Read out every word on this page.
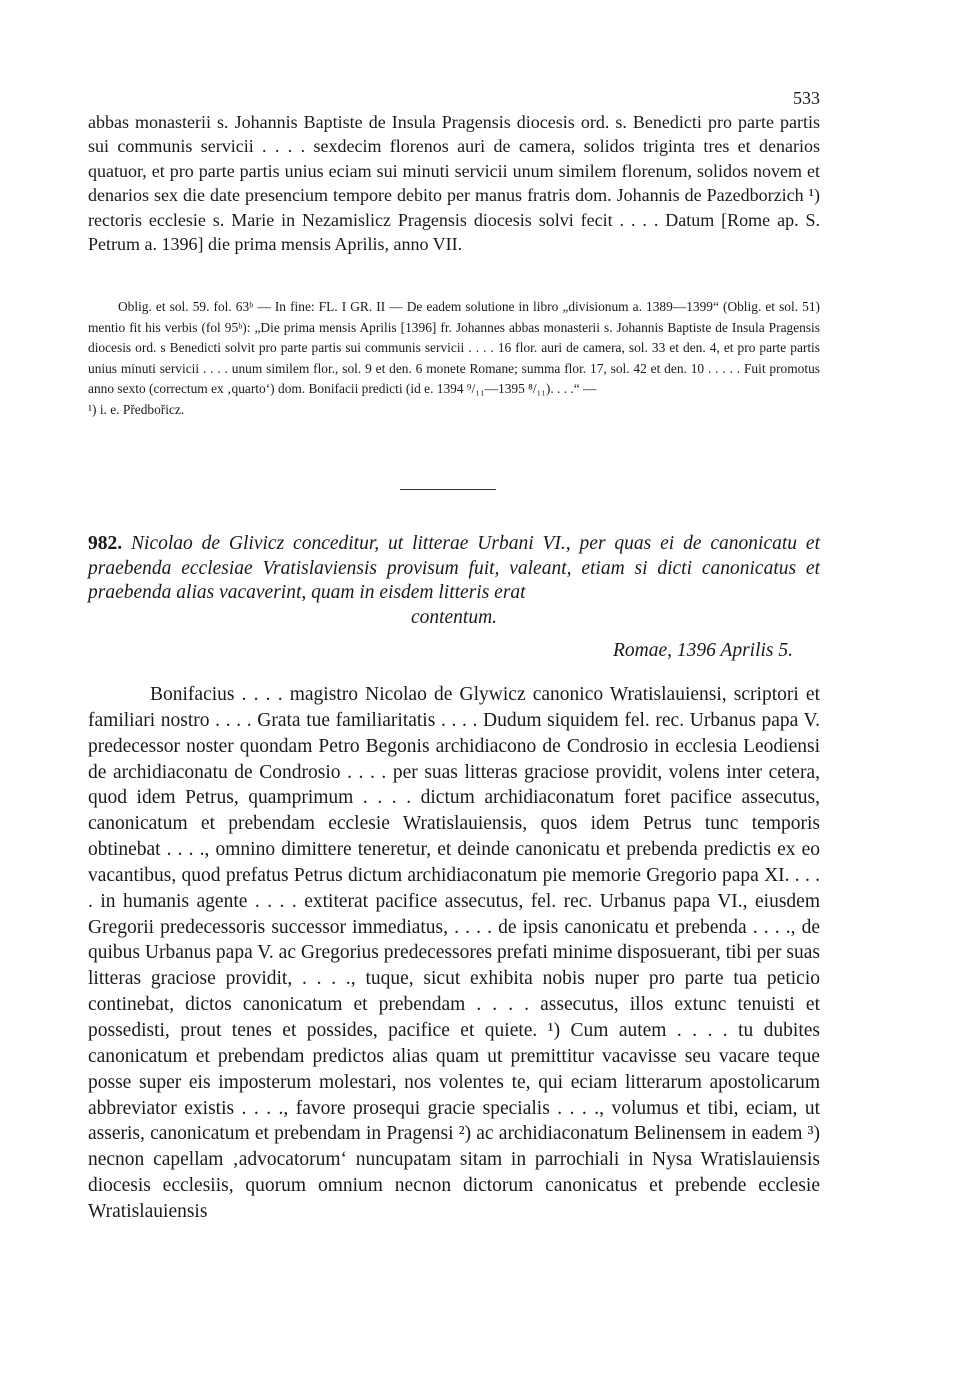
533

abbas monasterii s. Johannis Baptiste de Insula Pragensis diocesis ord. s. Benedicti pro parte partis sui communis servicii . . . . sexdecim florenos auri de camera, solidos triginta tres et denarios quatuor, et pro parte partis unius eciam sui minuti servicii unum similem florenum, solidos novem et denarios sex die date presencium tempore debito per manus fratris dom. Johannis de Pazedborzich ¹) rectoris ecclesie s. Marie in Nezamislicz Pragensis diocesis solvi fecit . . . . Datum [Rome ap. S. Petrum a. 1396] die prima mensis Aprilis, anno VII.

Oblig. et sol. 59. fol. 63ᵇ — In fine: FL. I GR. II — De eadem solutione in libro „divisionum a. 1389—1399“ (Oblig. et sol. 51) mentio fit his verbis (fol 95ᵇ): „Die prima mensis Aprilis [1396] fr. Johannes abbas monasterii s. Johannis Baptiste de Insula Pragensis diocesis ord. s Benedicti solvit pro parte partis sui communis servicii . . . . 16 flor. auri de camera, sol. 33 et den. 4, et pro parte partis unius minuti servicii . . . . unum similem flor., sol. 9 et den. 6 monete Romane; summa flor. 17, sol. 42 et den. 10 . . . . . Fuit promotus anno sexto (correctum ex ‚quarto‘) dom. Bonifacii predicti (id e. 1394 ⁹/₁₁—1395 ⁸/₁₁). . . .“ —

¹) i. e. Předbořicz.

982. Nicolao de Glivicz conceditur, ut litterae Urbani VI., per quas ei de canonicatu et praebenda ecclesiae Vratislaviensis provisum fuit, valeant, etiam si dicti canonicatus et praebenda alias vacaverint, quam in eisdem litteris erat
contentum.
Romae, 1396 Aprilis 5.

Bonifacius . . . . magistro Nicolao de Glywicz canonico Wratislauiensi, scriptori et familiari nostro . . . . Grata tue familiaritatis . . . . Dudum siquidem fel. rec. Urbanus papa V. predecessor noster quondam Petro Begonis archidiacono de Condrosio in ecclesia Leodiensi de archidiaconatu de Condrosio . . . . per suas litteras graciose providit, volens inter cetera, quod idem Petrus, quamprimum . . . . dictum archidiaconatum foret pacifice assecutus, canonicatum et prebendam ecclesie Wratislauiensis, quos idem Petrus tunc temporis obtinebat . . . ., omnino dimittere teneretur, et deinde canonicatu et prebenda predictis ex eo vacantibus, quod prefatus Petrus dictum archidiaconatum pie memorie Gregorio papa XI. . . . . in humanis agente . . . . extiterat pacifice assecutus, fel. rec. Urbanus papa VI., eiusdem Gregorii predecessoris successor immediatus, . . . . de ipsis canonicatu et prebenda . . . ., de quibus Urbanus papa V. ac Gregorius predecessores prefati minime disposuerant, tibi per suas litteras graciose providit, . . . ., tuque, sicut exhibita nobis nuper pro parte tua peticio continebat, dictos canonicatum et prebendam . . . . assecutus, illos extunc tenuisti et possedisti, prout tenes et possides, pacifice et quiete. ¹) Cum autem . . . . tu dubites canonicatum et prebendam predictos alias quam ut premittitur vacavisse seu vacare teque posse super eis imposterum molestari, nos volentes te, qui eciam litterarum apostolicarum abbreviator existis . . . ., favore prosequi gracie specialis . . . ., volumus et tibi, eciam, ut asseris, canonicatum et prebendam in Pragensi ²) ac archidiaconatum Belinensem in eadem ³) necnon capellam ‚advocatorum‘ nuncupatam sitam in parrochiali in Nysa Wratislauiensis diocesis ecclesiis, quorum omnium necnon dictorum canonicatus et prebende ecclesie Wratislauiensis
